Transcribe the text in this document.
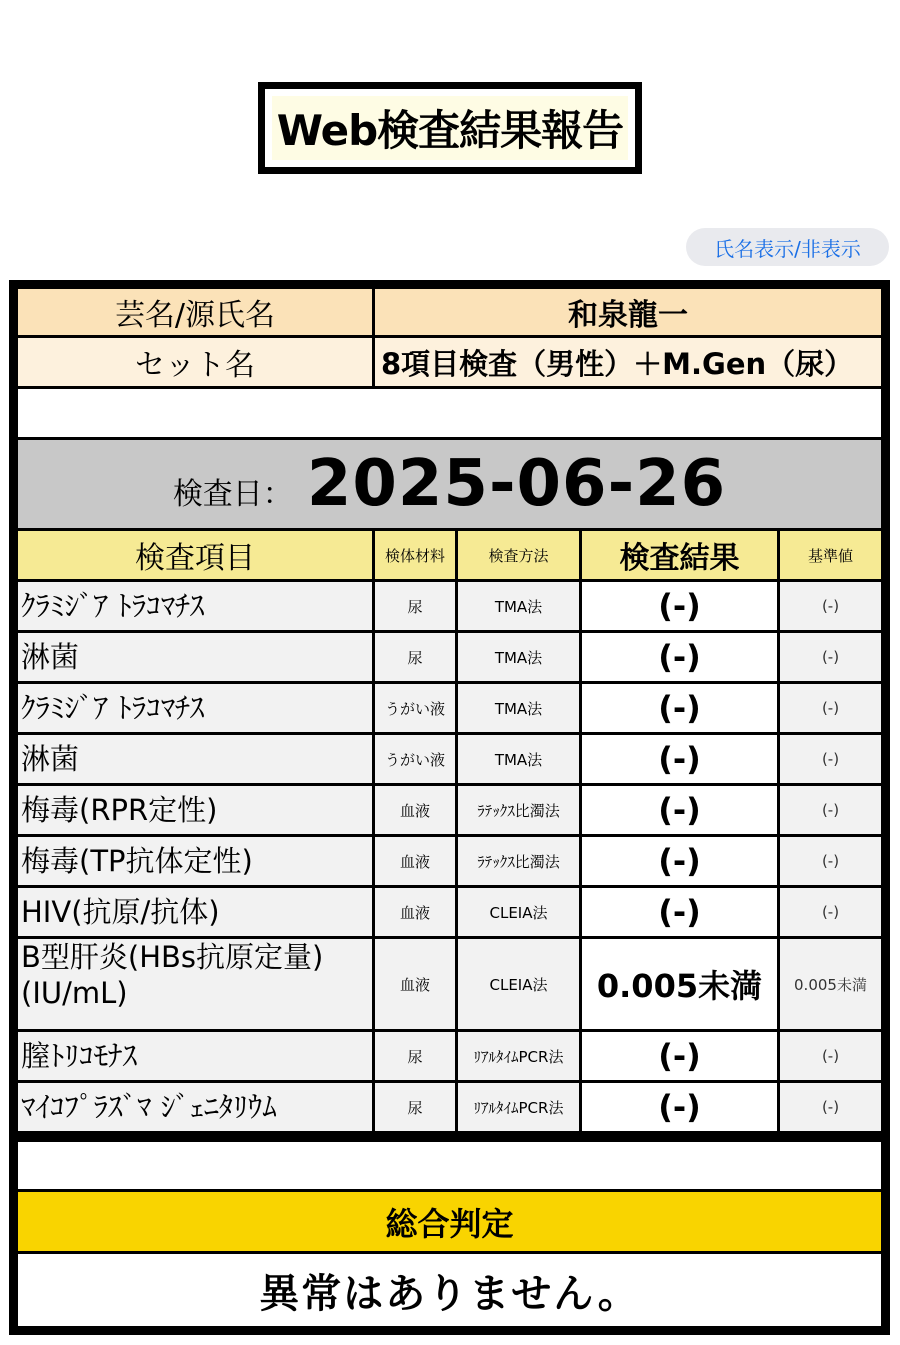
Web検査結果報告
氏名表示/非表示
芸名/源氏名	和泉龍一
セット名	8項目検査（男性）＋M.Gen（尿）
検査日： 2025-06-26
検査項目	検体材料	検査方法	検査結果	基準値
ｸﾗﾐｼﾞｱ ﾄﾗｺﾏﾁｽ	尿	TMA法	(-)	(-)
淋菌	尿	TMA法	(-)	(-)
ｸﾗﾐｼﾞｱ ﾄﾗｺﾏﾁｽ	うがい液	TMA法	(-)	(-)
淋菌	うがい液	TMA法	(-)	(-)
梅毒(RPR定性)	血液	ﾗﾃｯｸｽ比濁法	(-)	(-)
梅毒(TP抗体定性)	血液	ﾗﾃｯｸｽ比濁法	(-)	(-)
HIV(抗原/抗体)	血液	CLEIA法	(-)	(-)
B型肝炎(HBs抗原定量)
(IU/mL)	血液	CLEIA法	0.005未満	0.005未満
膣ﾄﾘｺﾓﾅｽ	尿	ﾘｱﾙﾀｲﾑPCR法	(-)	(-)
ﾏｲｺﾌﾟﾗｽﾞﾏ ｼﾞｪﾆﾀﾘｳﾑ	尿	ﾘｱﾙﾀｲﾑPCR法	(-)	(-)
総合判定
異常はありません。
